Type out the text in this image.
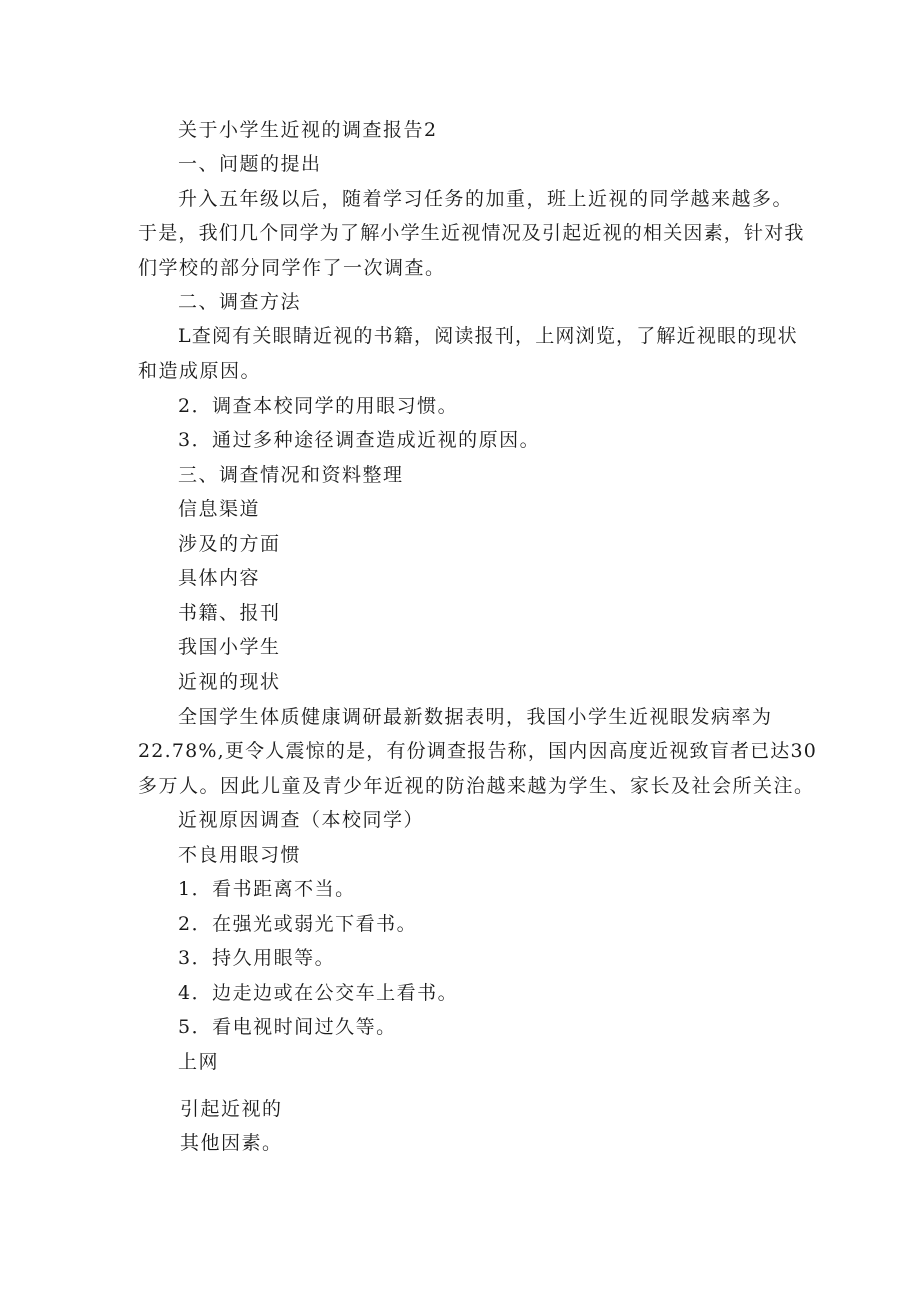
关于小学生近视的调查报告2

一、问题的提出

升入五年级以后，随着学习任务的加重，班上近视的同学越来越多。

于是，我们几个同学为了解小学生近视情况及引起近视的相关因素，针对我

们学校的部分同学作了一次调查。

二、调查方法

L查阅有关眼睛近视的书籍，阅读报刊，上网浏览，了解近视眼的现状

和造成原因。

2．调查本校同学的用眼习惯。

3．通过多种途径调查造成近视的原因。

三、调查情况和资料整理

信息渠道

涉及的方面

具体内容

书籍、报刊

我国小学生

近视的现状

全国学生体质健康调研最新数据表明，我国小学生近视眼发病率为

22.78%,更令人震惊的是，有份调查报告称，国内因高度近视致盲者已达30

多万人。因此儿童及青少年近视的防治越来越为学生、家长及社会所关注。

近视原因调查（本校同学）

不良用眼习惯

1．看书距离不当。

2．在强光或弱光下看书。

3．持久用眼等。

4．边走边或在公交车上看书。

5．看电视时间过久等。

上网

引起近视的

其他因素。
